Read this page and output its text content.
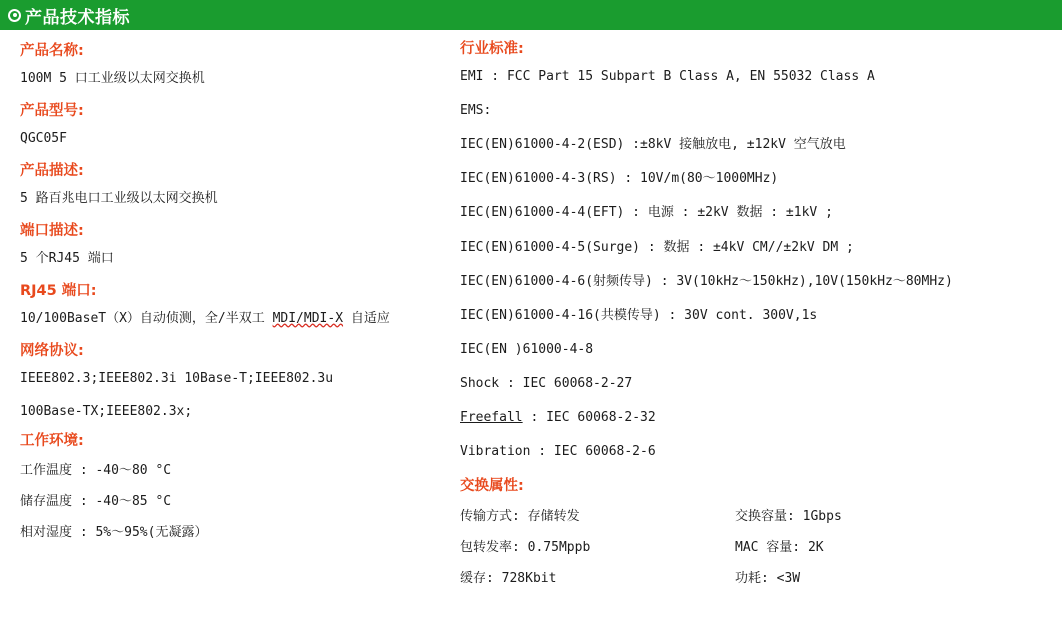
产品技术指标
产品名称:
100M 5 口工业级以太网交换机
产品型号:
QGC05F
产品描述:
5 路百兆电口工业级以太网交换机
端口描述:
5 个RJ45 端口
RJ45 端口:
10/100BaseT（X）自动侦测，全/半双工 MDI/MDI-X 自适应
网络协议:
IEEE802.3;IEEE802.3i 10Base-T;IEEE802.3u
100Base-TX;IEEE802.3x;
工作环境:
工作温度 : -40～80 °C
储存温度 : -40～85 °C
相对湿度 : 5%～95%(无凝露）
行业标准:
EMI : FCC Part 15 Subpart B Class A, EN 55032 Class A
EMS:
IEC(EN)61000-4-2(ESD) :±8kV 接触放电, ±12kV 空气放电
IEC(EN)61000-4-3(RS) : 10V/m(80～1000MHz)
IEC(EN)61000-4-4(EFT) : 电源 : ±2kV 数据 : ±1kV ;
IEC(EN)61000-4-5(Surge) : 数据 : ±4kV CM//±2kV DM ;
IEC(EN)61000-4-6(射频传导) : 3V(10kHz～150kHz),10V(150kHz～80MHz)
IEC(EN)61000-4-16(共模传导) : 30V cont. 300V,1s
IEC(EN )61000-4-8
Shock : IEC 60068-2-27
Freefall : IEC 60068-2-32
Vibration : IEC 60068-2-6
交换属性:
传输方式: 存储转发	交换容量: 1Gbps
包转发率: 0.75Mppb	MAC 容量: 2K
缓存: 728Kbit	功耗: <3W
